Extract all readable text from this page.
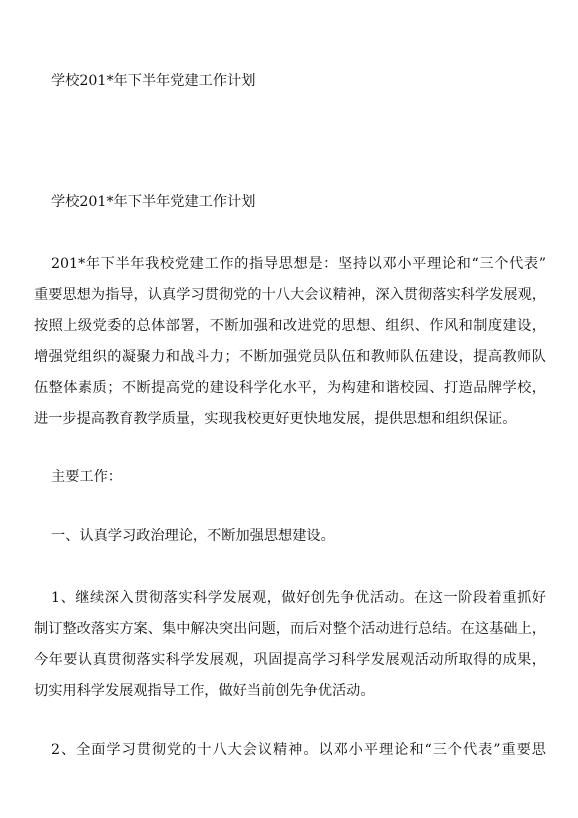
学校201*年下半年党建工作计划
学校201*年下半年党建工作计划
201*年下半年我校党建工作的指导思想是：坚持以邓小平理论和“三个代表”
重要思想为指导，认真学习贯彻党的十八大会议精神，深入贯彻落实科学发展观，
按照上级党委的总体部署，不断加强和改进党的思想、组织、作风和制度建设，
增强党组织的凝聚力和战斗力；不断加强党员队伍和教师队伍建设，提高教师队
伍整体素质；不断提高党的建设科学化水平，为构建和谐校园、打造品牌学校，
进一步提高教育教学质量，实现我校更好更快地发展，提供思想和组织保证。
主要工作：
一、认真学习政治理论，不断加强思想建设。
1、继续深入贯彻落实科学发展观，做好创先争优活动。在这一阶段着重抓好
制订整改落实方案、集中解决突出问题，而后对整个活动进行总结。在这基础上，
今年要认真贯彻落实科学发展观，巩固提高学习科学发展观活动所取得的成果，
切实用科学发展观指导工作，做好当前创先争优活动。
2、全面学习贯彻党的十八大会议精神。以邓小平理论和“三个代表”重要思
